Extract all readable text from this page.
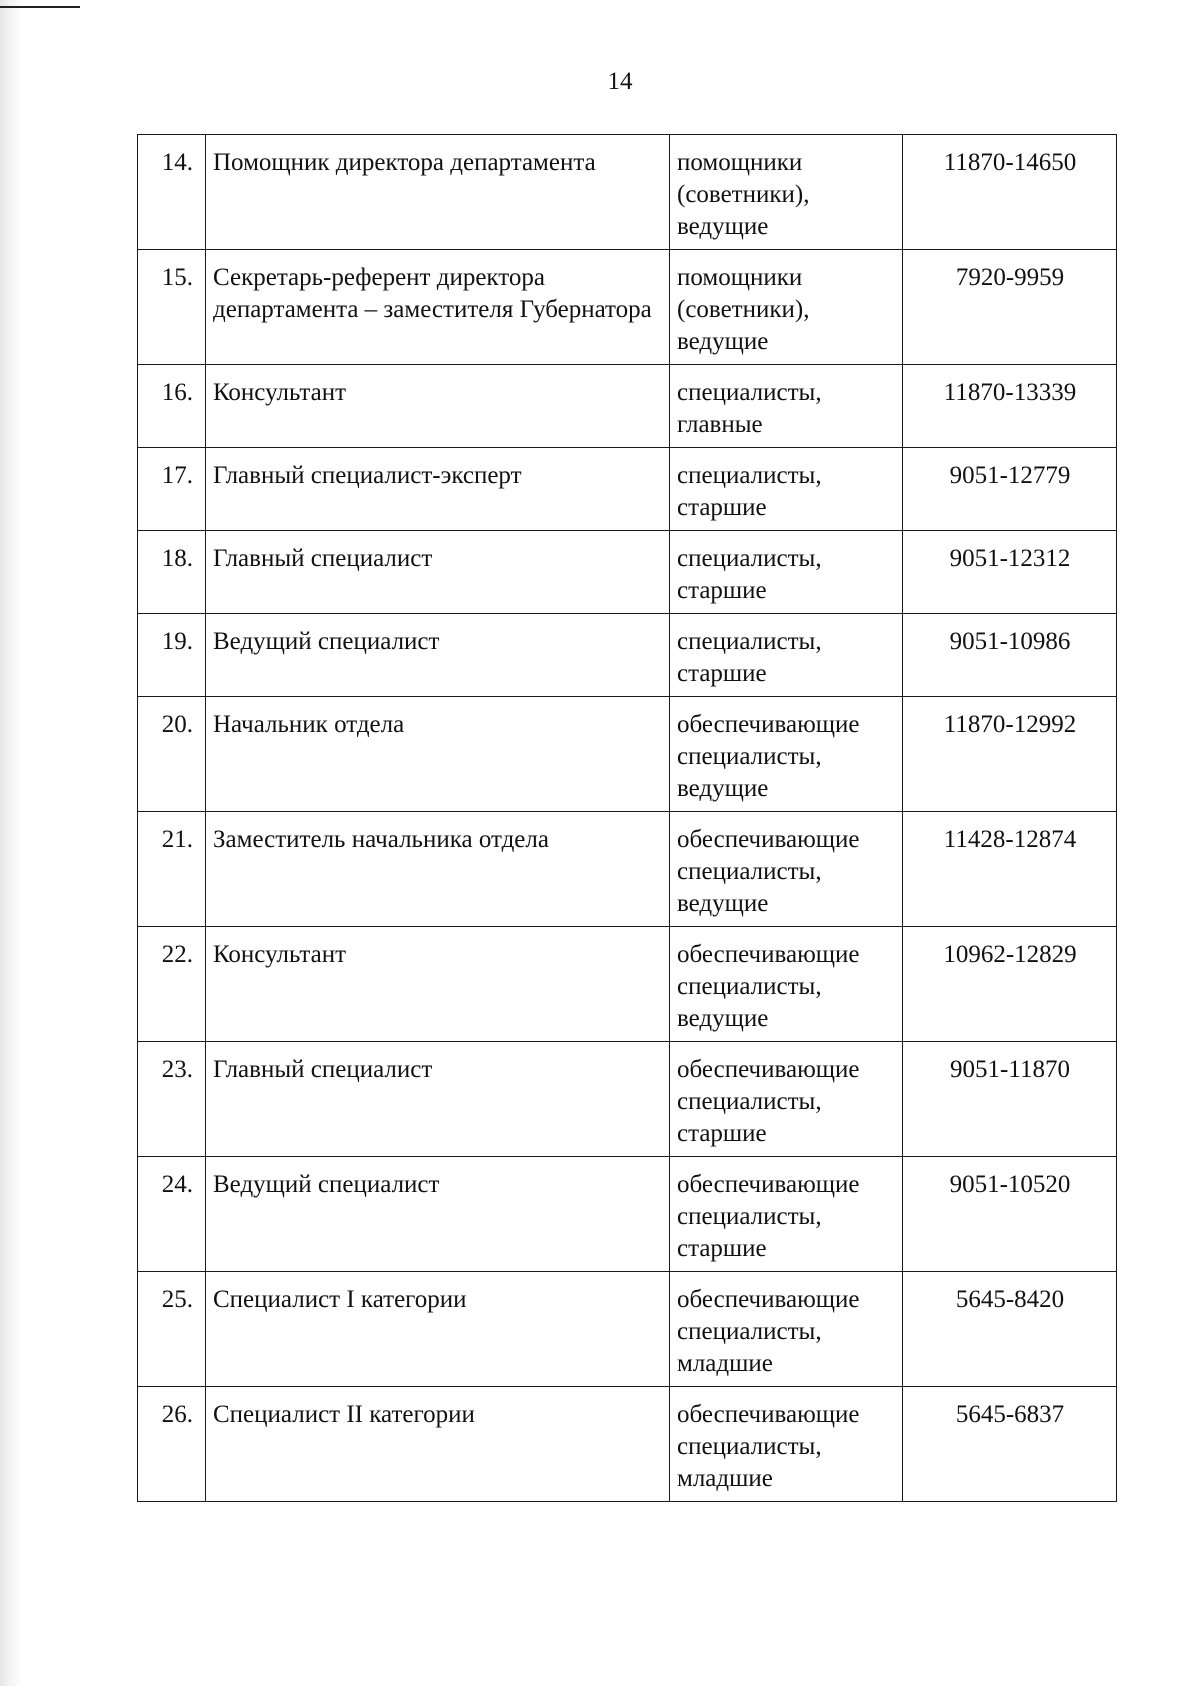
14
14.	Помощник директора департамента	помощники
(советники),
ведущие	11870-14650
15.	Секретарь-референт директора департамента – заместителя Губернатора	помощники
(советники),
ведущие	7920-9959
16.	Консультант	специалисты,
главные	11870-13339
17.	Главный специалист-эксперт	специалисты,
старшие	9051-12779
18.	Главный специалист	специалисты,
старшие	9051-12312
19.	Ведущий специалист	специалисты,
старшие	9051-10986
20.	Начальник отдела	обеспечивающие
специалисты,
ведущие	11870-12992
21.	Заместитель начальника отдела	обеспечивающие
специалисты,
ведущие	11428-12874
22.	Консультант	обеспечивающие
специалисты,
ведущие	10962-12829
23.	Главный специалист	обеспечивающие
специалисты,
старшие	9051-11870
24.	Ведущий специалист	обеспечивающие
специалисты,
старшие	9051-10520
25.	Специалист I категории	обеспечивающие
специалисты,
младшие	5645-8420
26.	Специалист II категории	обеспечивающие
специалисты,
младшие	5645-6837
